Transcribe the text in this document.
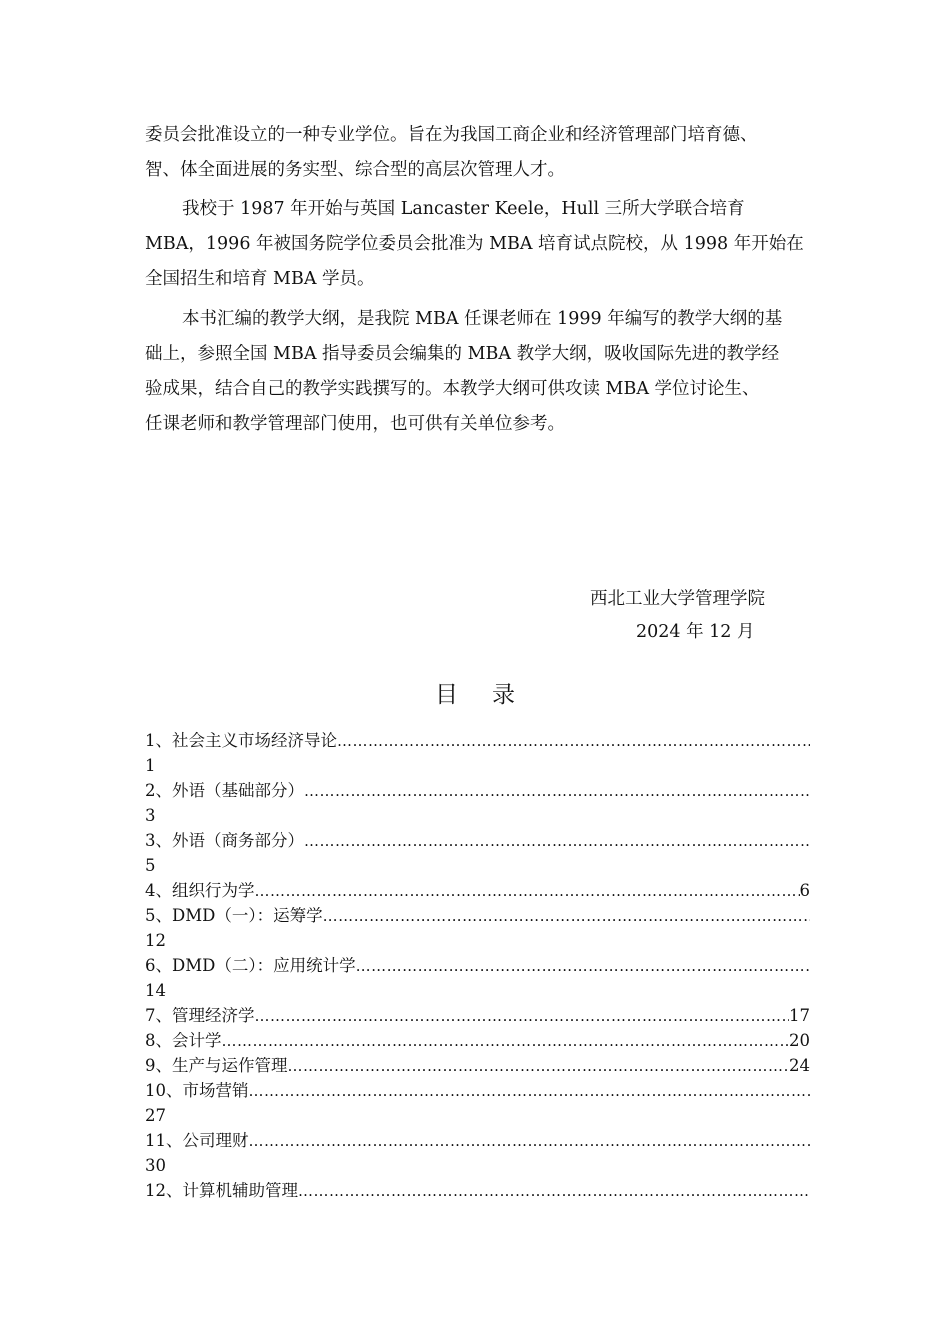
委员会批准设立的一种专业学位。旨在为我国工商企业和经济管理部门培育德、
智、体全面进展的务实型、综合型的高层次管理人才。

我校于 1987 年开始与英国 Lancaster Keele，Hull 三所大学联合培育
MBA，1996 年被国务院学位委员会批准为 MBA 培育试点院校，从 1998 年开始在
全国招生和培育 MBA 学员。

本书汇编的教学大纲，是我院 MBA 任课老师在 1999 年编写的教学大纲的基
础上，参照全国 MBA 指导委员会编集的 MBA 教学大纲，吸收国际先进的教学经
验成果，结合自己的教学实践撰写的。本教学大纲可供攻读 MBA 学位讨论生、
任课老师和教学管理部门使用，也可供有关单位参考。

西北工业大学管理学院
2024 年 12 月
目录
1、社会主义市场经济导论
…………………………………………………………………………………………………………………………………………………………………………………………………………
1
2、外语（基础部分）
…………………………………………………………………………………………………………………………………………………………………………………………………………
3
3、外语（商务部分）
…………………………………………………………………………………………………………………………………………………………………………………………………………
5
4、组织行为学 …………………………………………………………………………………………………………………………………………………………………………………………………………	6
5、DMD（一）：运筹学
…………………………………………………………………………………………………………………………………………………………………………………………………………
12
6、DMD（二）：应用统计学
…………………………………………………………………………………………………………………………………………………………………………………………………………
14
7、管理经济学 …………………………………………………………………………………………………………………………………………………………………………………………………………	17
8、会计学 …………………………………………………………………………………………………………………………………………………………………………………………………………	20
9、生产与运作管理 …………………………………………………………………………………………………………………………………………………………………………………………………………	24
10、市场营销
…………………………………………………………………………………………………………………………………………………………………………………………………………
27
11、公司理财
…………………………………………………………………………………………………………………………………………………………………………………………………………
30
12、计算机辅助管理
…………………………………………………………………………………………………………………………………………………………………………………………………………
